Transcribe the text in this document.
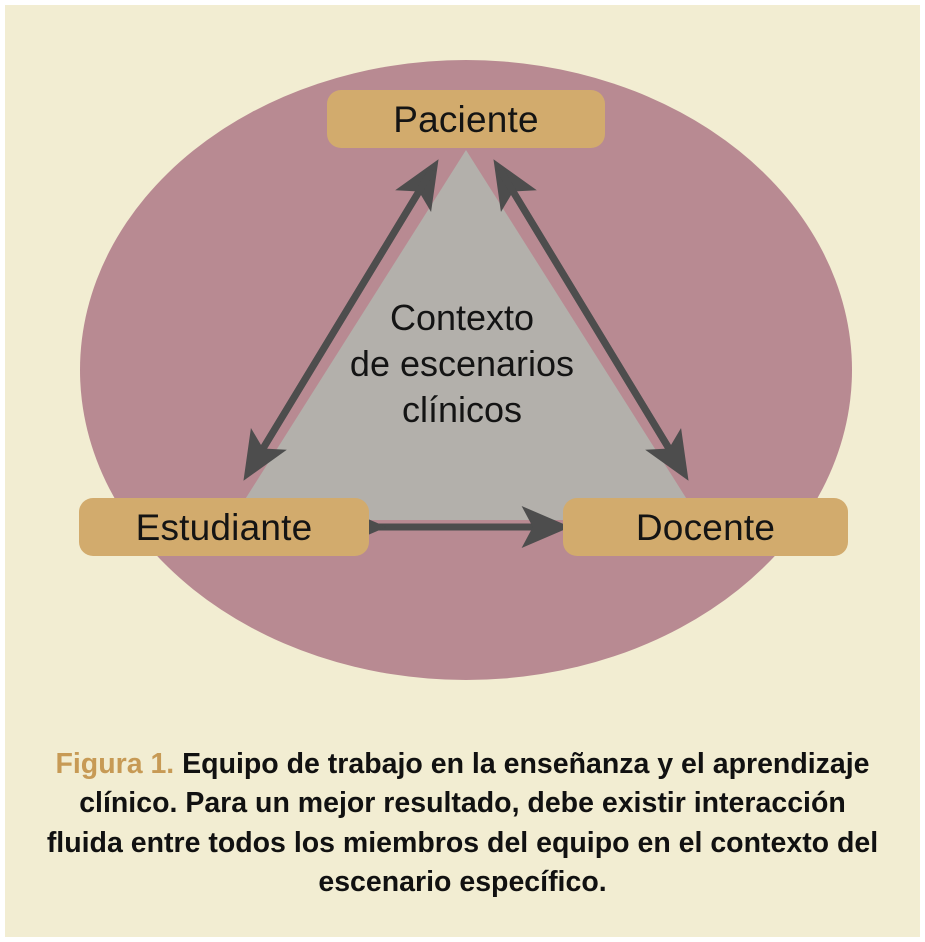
Paciente
Estudiante	Docente
Contexto
de escenarios
clínicos
Figura 1. Equipo de trabajo en la enseñanza y el aprendizaje clínico. Para un mejor resultado, debe existir interacción fluida entre todos los miembros del equipo en el contexto del escenario específico.
